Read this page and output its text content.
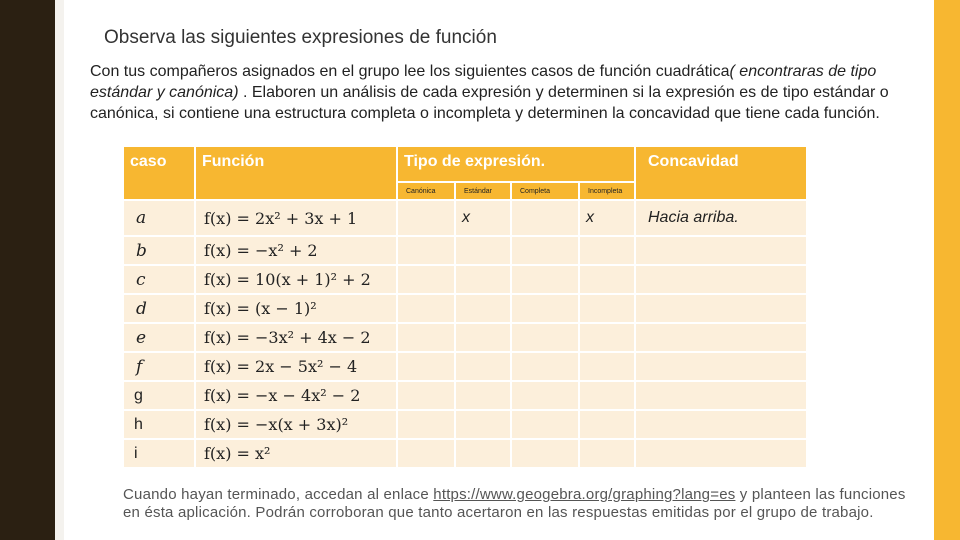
Observa las siguientes expresiones de función
Con tus compañeros asignados en el grupo lee los siguientes casos de función cuadrática( encontraras de tipo estándar y canónica) . Elaboren un análisis de cada expresión y determinen si la expresión es de tipo estándar o canónica, si contiene una estructura completa o incompleta y determinen la concavidad que tiene cada función.
caso	Función	Tipo de expresión.				Concavidad

		Canónica	Estándar	Completa	Incompleta	

a	f(x) = 2x² + 3x + 1		x		x	Hacia arriba.
b	f(x) = −x² + 2					
c	f(x) = 10(x + 1)² + 2					
d	f(x) = (x − 1)²					
e	f(x) = −3x² + 4x − 2					
f	f(x) = 2x − 5x² − 4					
g	f(x) = −x − 4x² − 2					
h	f(x) = −x(x + 3x)²					
i	f(x) = x²					
Cuando hayan terminado, accedan al enlace https://www.geogebra.org/graphing?lang=es y planteen las funciones en ésta aplicación. Podrán corroboran que tanto acertaron en las respuestas emitidas por el grupo de trabajo.
